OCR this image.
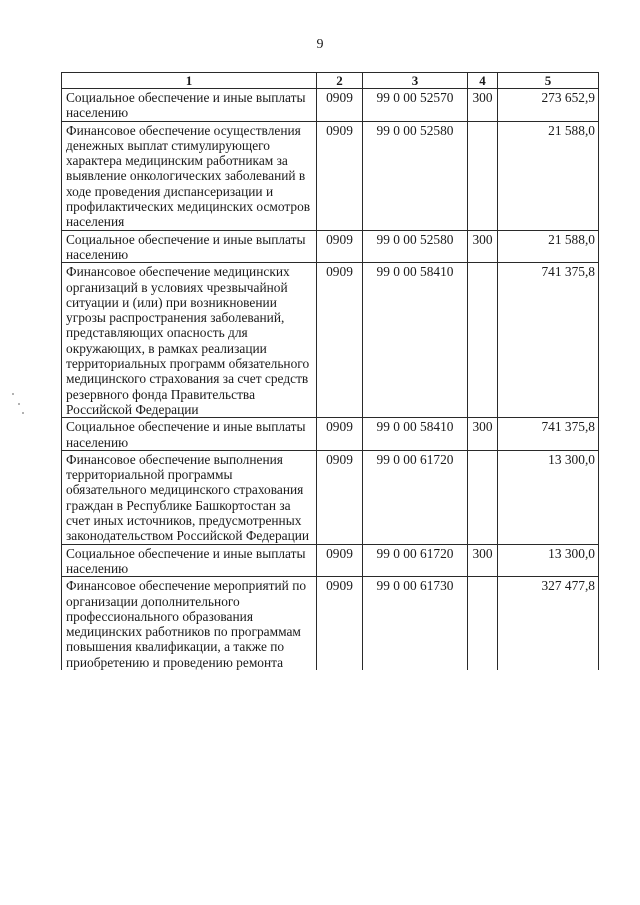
9
1	2	3	4	5
Социальное обеспечение и иные выплаты населению	0909	99 0 00 52570	300	273 652,9
Финансовое обеспечение осуществления денежных выплат стимулирующего характера медицинским работникам за выявление онкологических заболеваний в ходе проведения диспансеризации и профилактических медицинских осмотров населения	0909	99 0 00 52580		21 588,0
Социальное обеспечение и иные выплаты населению	0909	99 0 00 52580	300	21 588,0
Финансовое обеспечение медицинских организаций в условиях чрезвычайной ситуации и (или) при возникновении угрозы распространения заболеваний, представляющих опасность для окружающих, в рамках реализации территориальных программ обязательного медицинского страхования за счет средств резервного фонда Правительства Российской Федерации	0909	99 0 00 58410		741 375,8
Социальное обеспечение и иные выплаты населению	0909	99 0 00 58410	300	741 375,8
Финансовое обеспечение выполнения территориальной программы обязательного медицинского страхования граждан в Республике Башкортостан за счет иных источников, предусмотренных законодательством Российской Федерации	0909	99 0 00 61720		13 300,0
Социальное обеспечение и иные выплаты населению	0909	99 0 00 61720	300	13 300,0
Финансовое обеспечение мероприятий по организации дополнительного профессионального образования медицинских работников по программам повышения квалификации, а также по приобретению и проведению ремонта	0909	99 0 00 61730		327 477,8
